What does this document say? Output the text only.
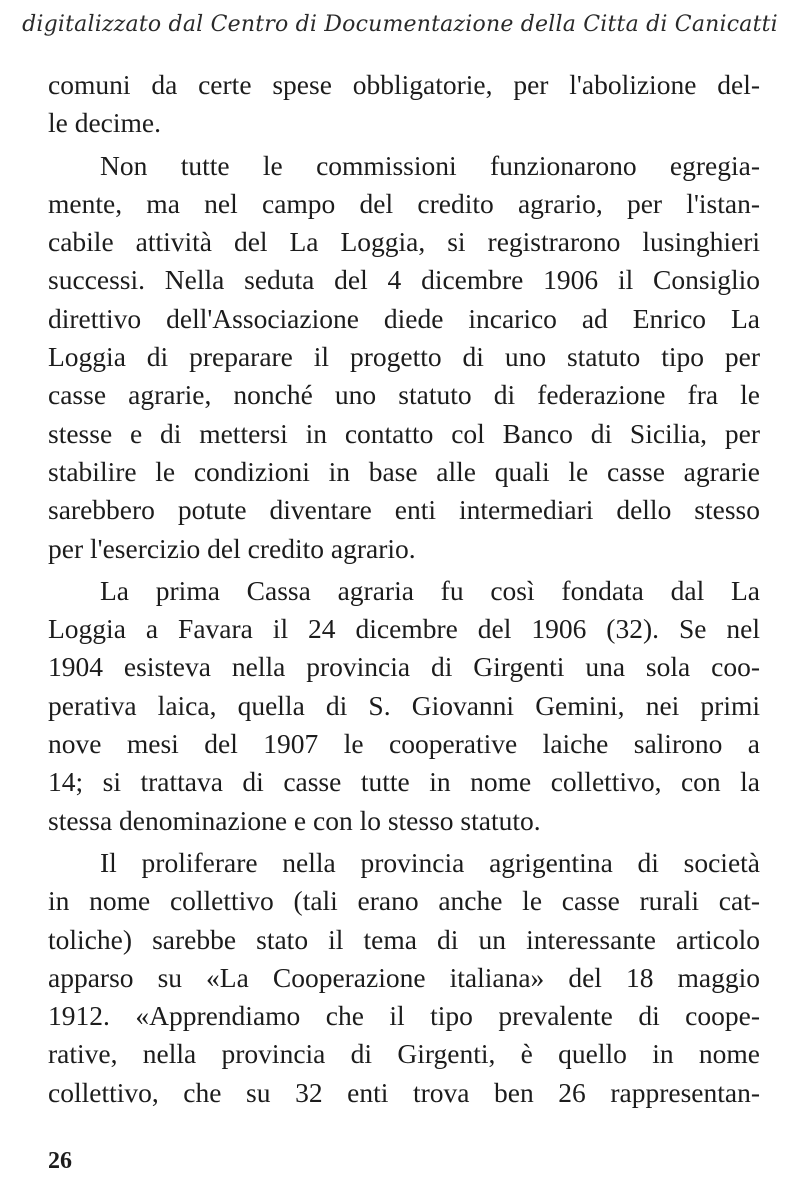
digitalizzato dal Centro di Documentazione della Citta di Canicatti

comuni da certe spese obbligatorie, per l'abolizione del-
le decime.

Non tutte le commissioni funzionarono egregia-
mente, ma nel campo del credito agrario, per l'istan-
cabile attività del La Loggia, si registrarono lusinghieri
successi. Nella seduta del 4 dicembre 1906 il Consiglio
direttivo dell'Associazione diede incarico ad Enrico La
Loggia di preparare il progetto di uno statuto tipo per
casse agrarie, nonché uno statuto di federazione fra le
stesse e di mettersi in contatto col Banco di Sicilia, per
stabilire le condizioni in base alle quali le casse agrarie
sarebbero potute diventare enti intermediari dello stesso
per l'esercizio del credito agrario.

La prima Cassa agraria fu così fondata dal La
Loggia a Favara il 24 dicembre del 1906 (32). Se nel
1904 esisteva nella provincia di Girgenti una sola coo-
perativa laica, quella di S. Giovanni Gemini, nei primi
nove mesi del 1907 le cooperative laiche salirono a
14; si trattava di casse tutte in nome collettivo, con la
stessa denominazione e con lo stesso statuto.

Il proliferare nella provincia agrigentina di società
in nome collettivo (tali erano anche le casse rurali cat-
toliche) sarebbe stato il tema di un interessante articolo
apparso su «La Cooperazione italiana» del 18 maggio
1912. «Apprendiamo che il tipo prevalente di coope-
rative, nella provincia di Girgenti, è quello in nome
collettivo, che su 32 enti trova ben 26 rappresentan-

26
